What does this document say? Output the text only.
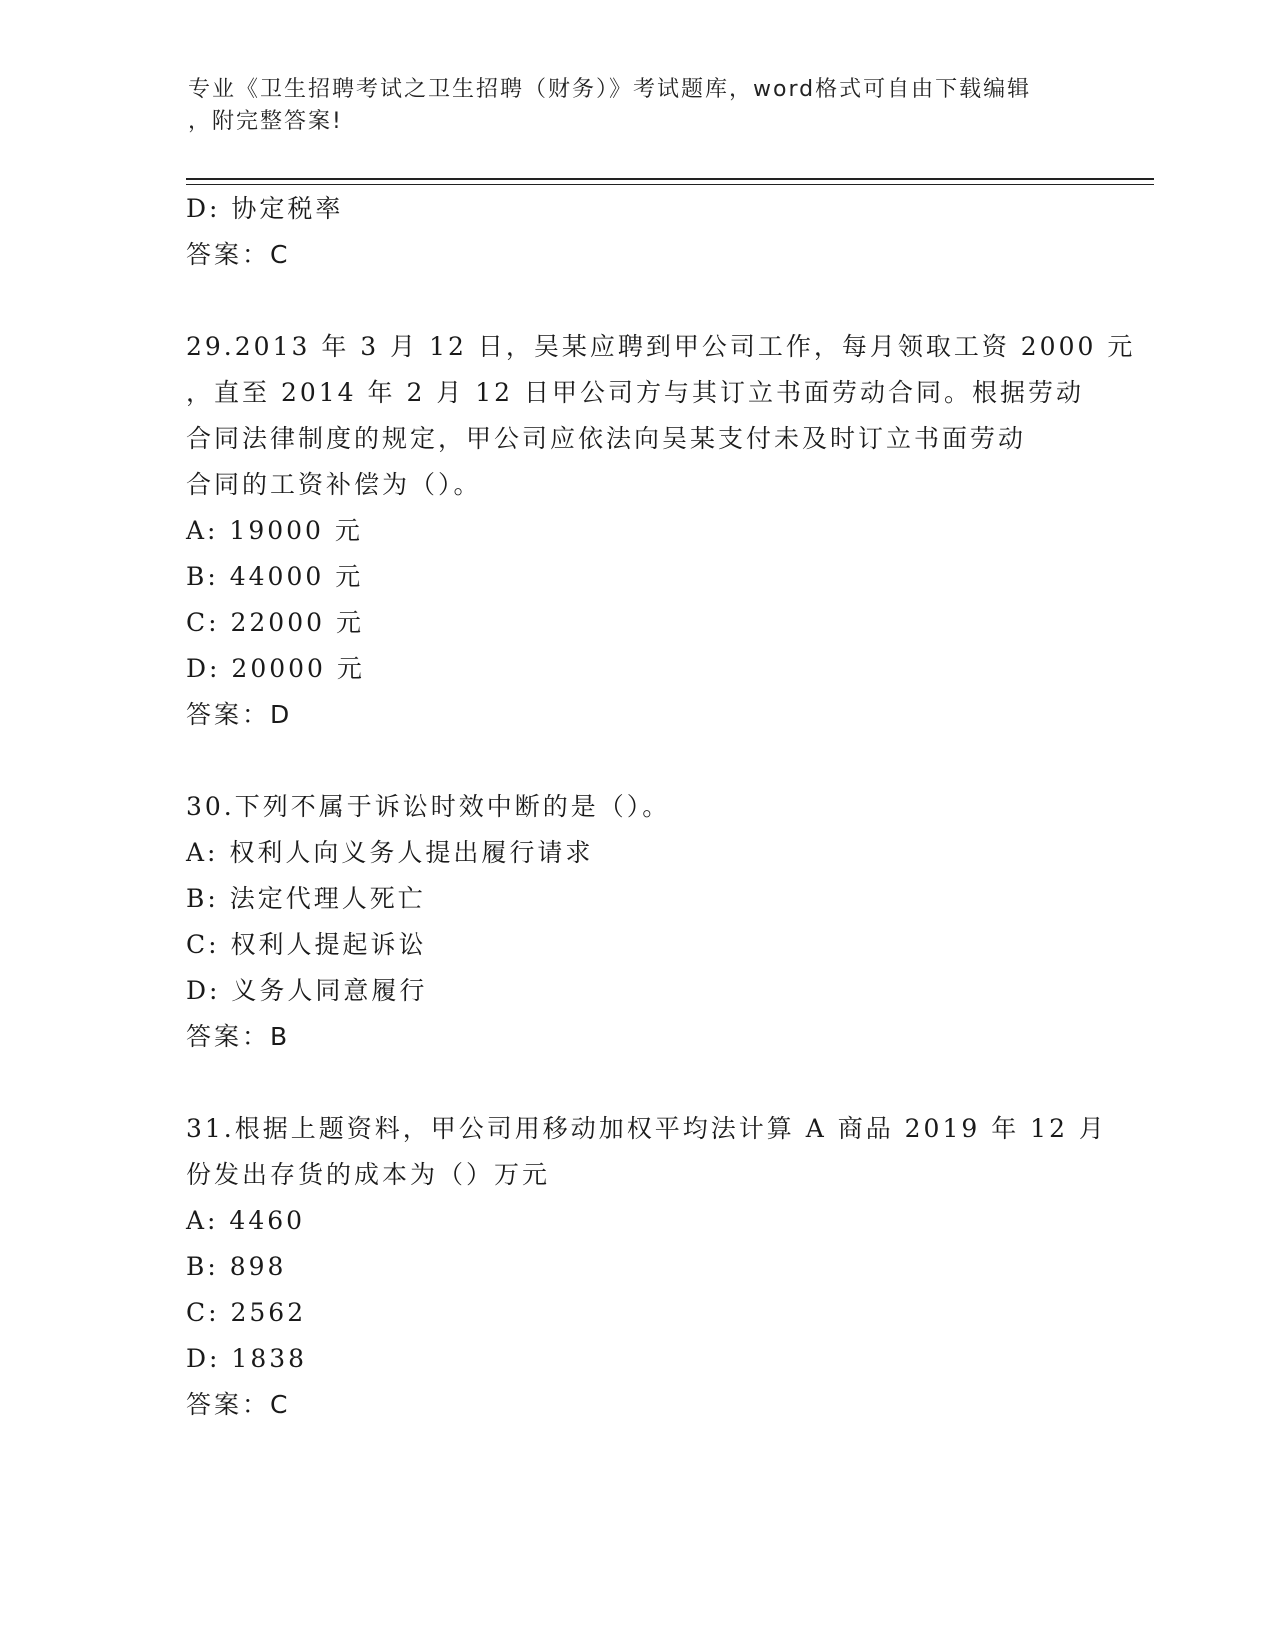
专业《卫生招聘考试之卫生招聘（财务）》考试题库，word格式可自由下载编辑
，附完整答案!
D: 协定税率
答案：C
29.2013 年 3 月 12 日，吴某应聘到甲公司工作，每月领取工资 2000 元
，直至 2014 年 2 月 12 日甲公司方与其订立书面劳动合同。根据劳动
合同法律制度的规定，甲公司应依法向吴某支付未及时订立书面劳动
合同的工资补偿为（）。
A: 19000 元
B: 44000 元
C: 22000 元
D: 20000 元
答案：D
30.下列不属于诉讼时效中断的是（）。
A: 权利人向义务人提出履行请求
B: 法定代理人死亡
C: 权利人提起诉讼
D: 义务人同意履行
答案：B
31.根据上题资料，甲公司用移动加权平均法计算 A 商品 2019 年 12 月
份发出存货的成本为（）万元
A: 4460
B: 898
C: 2562
D: 1838
答案：C
